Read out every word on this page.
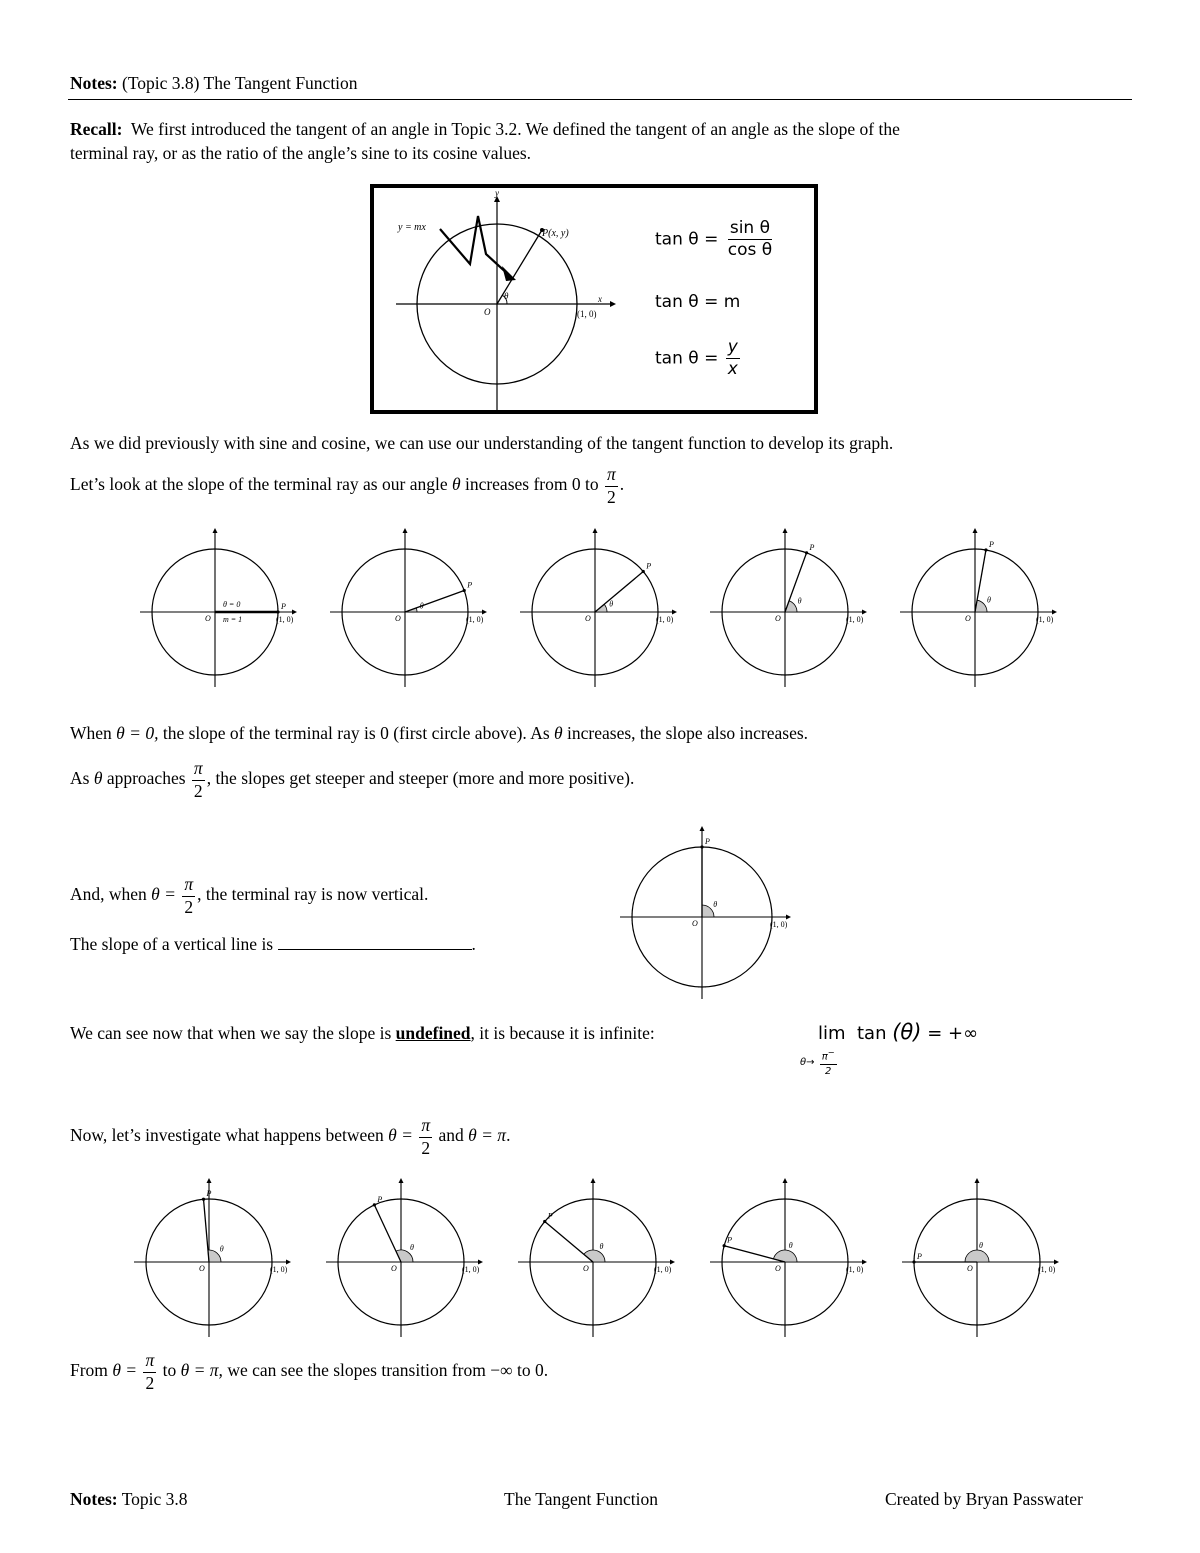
Notes: (Topic 3.8) The Tangent Function
Recall: We first introduced the tangent of an angle in Topic 3.2. We defined the tangent of an angle as the slope of the
terminal ray, or as the ratio of the angle’s sine to its cosine values.
y = mx
P(x, y)
O	(1, 0)
x
y
θ
$\tan \theta = \frac{\text{sin θ}}{\text{cos θ}}$
tan θ = m
$\tan \theta = \frac{y}{x}$
As we did previously with sine and cosine, we can use our understanding of the tangent function to develop its graph.
Let’s look at the slope of the terminal ray as our angle θ increases from 0 to $\frac{\pi}{2}$ .
O	(1, 0)
P
θ = 0
m = 1	O	(1, 0)
P
θ
O	(1, 0)
P
θ
O	(1, 0)
P
θ
O	(1, 0)
P
θ
When θ = 0, the slope of the terminal ray is 0 (first circle above). As θ increases, the slope also increases.
As θ approaches $\frac{\pi}{2}$ , the slopes get steeper and steeper (more and more positive).
O	(1, 0)
P
θ
And, when $\theta = \frac{\pi}{2}$ , the terminal ray is now vertical.
The slope of a vertical line is	.
We can see now that when we say the slope is undefined, it is because it is infinite:	lim tan (θ) = +∞
$\theta\to \frac{\pi^-}{2}$
Now, let’s investigate what happens between $\theta = \frac{\pi}{2}$ and θ = π.
O	(1, 0)
P
θ
O	(1, 0)
P
θ
O	(1, 0)
P
θ
O	(1, 0)
P
θ
O	(1, 0)
P
θ
From $\theta = \frac{\pi}{2}$ to θ = π, we can see the slopes transition from −∞ to 0.
Notes: Topic 3.8	The Tangent Function	Created by Bryan Passwater
